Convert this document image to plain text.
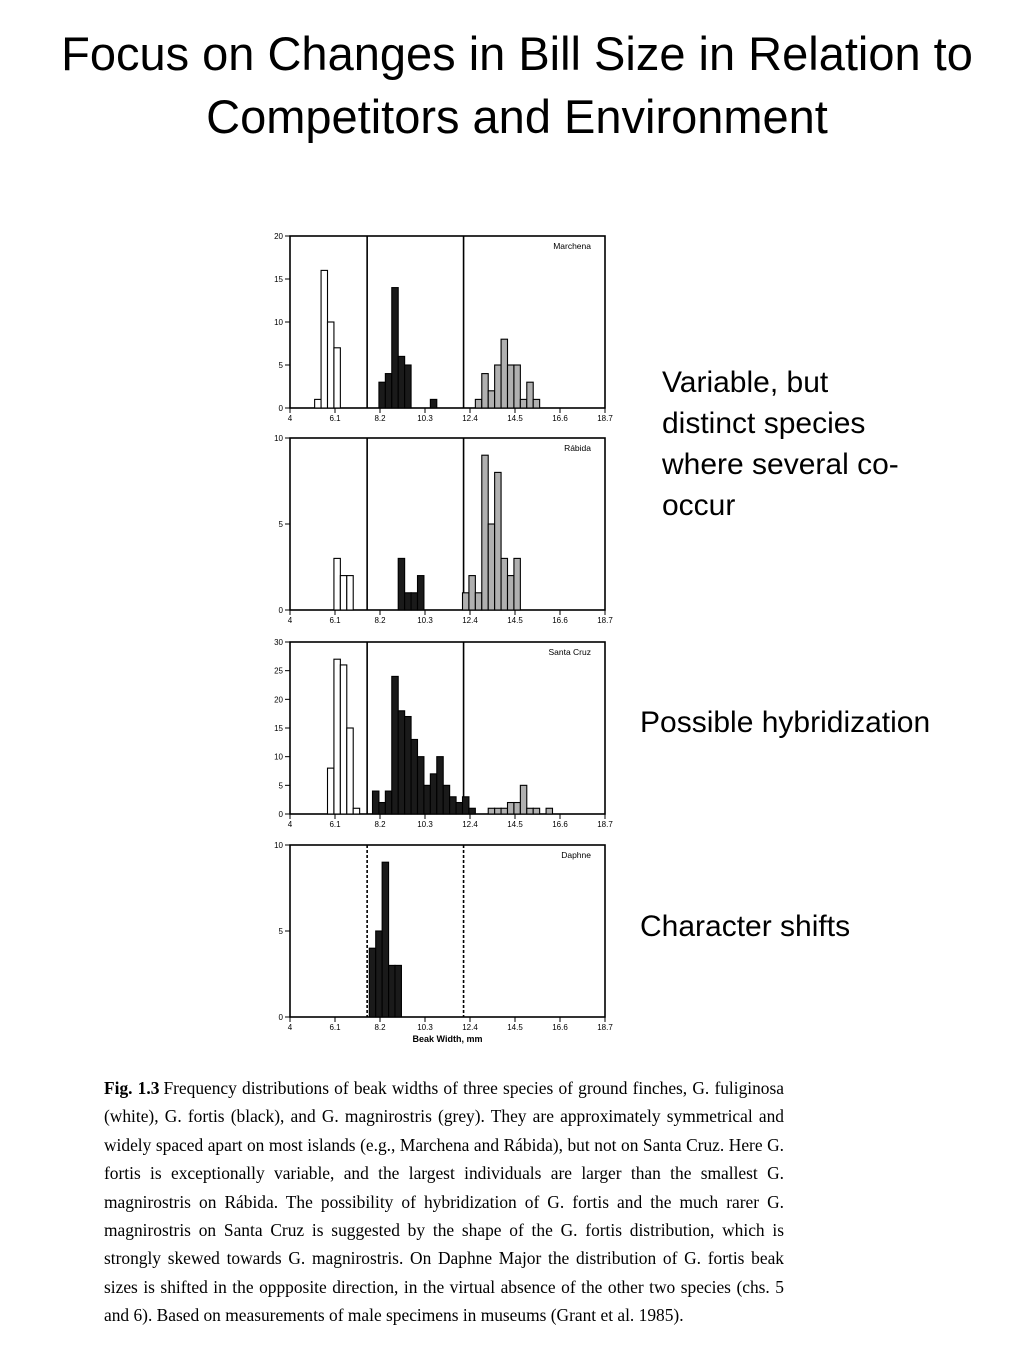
Focus on Changes in Bill Size in Relation to Competitors and Environment
0
5
10
15
20
4	6.1	8.2	10.3	12.4	14.5	16.6	18.7
Marchena
0
5
10
4	6.1	8.2	10.3	12.4	14.5	16.6	18.7
Rábida
0
5
10
15
20
25
30
4	6.1	8.2	10.3	12.4	14.5	16.6	18.7
Santa Cruz
0
5
10
4	6.1	8.2	10.3	12.4	14.5	16.6	18.7
Daphne
Beak Width, mm

Variable, but distinct species where several co-occur

Possible hybridization

Character shifts

Fig. 1.3 Frequency distributions of beak widths of three species of ground finches, G. fuliginosa (white), G. fortis (black), and G. magnirostris (grey). They are approximately symmetrical and widely spaced apart on most islands (e.g., Marchena and Rábida), but not on Santa Cruz. Here G. fortis is exceptionally variable, and the largest individuals are larger than the smallest G. magnirostris on Rábida. The possibility of hybridization of G. fortis and the much rarer G. magnirostris on Santa Cruz is suggested by the shape of the G. fortis distribution, which is strongly skewed towards G. magnirostris. On Daphne Major the distribution of G. fortis beak sizes is shifted in the oppposite direction, in the virtual absence of the other two species (chs. 5 and 6). Based on measurements of male specimens in museums (Grant et al. 1985).
